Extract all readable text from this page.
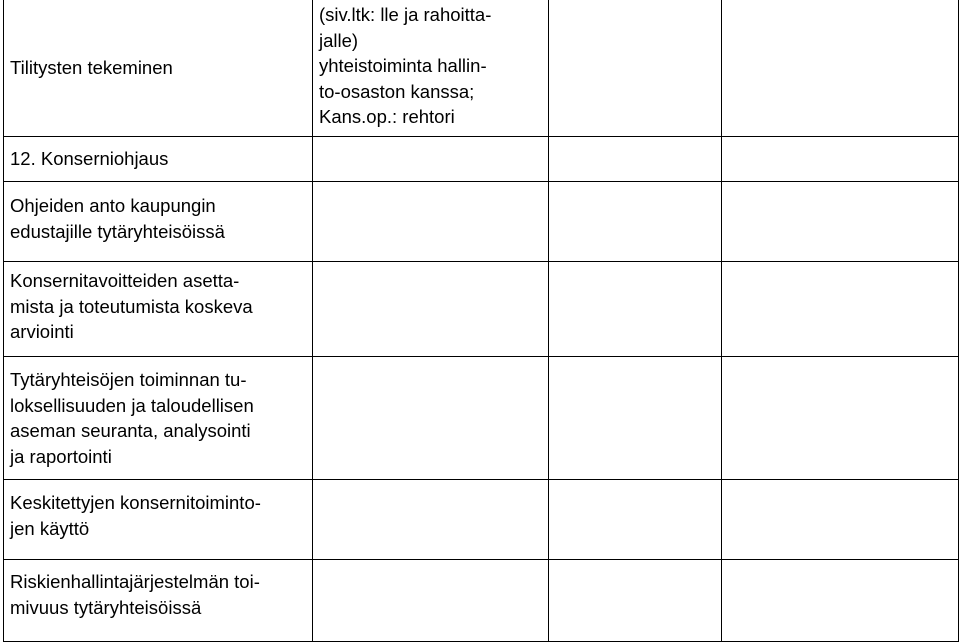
Tilitysten tekeminen	(siv.ltk: lle ja rahoitta-
jalle)
yhteistoiminta hallin-
to-osaston kanssa;
Kans.op.: rehtori		

12. Konserniohjaus			

Ohjeiden anto kaupungin
edustajille tytäryhteisöissä			

Konsernitavoitteiden asetta-
mista ja toteutumista koskeva
arviointi			

Tytäryhteisöjen toiminnan tu-
loksellisuuden ja taloudellisen
aseman seuranta, analysointi
ja raportointi			

Keskitettyjen konsernitoiminto-
jen käyttö			

Riskienhallintajärjestelmän toi-
mivuus tytäryhteisöissä			
